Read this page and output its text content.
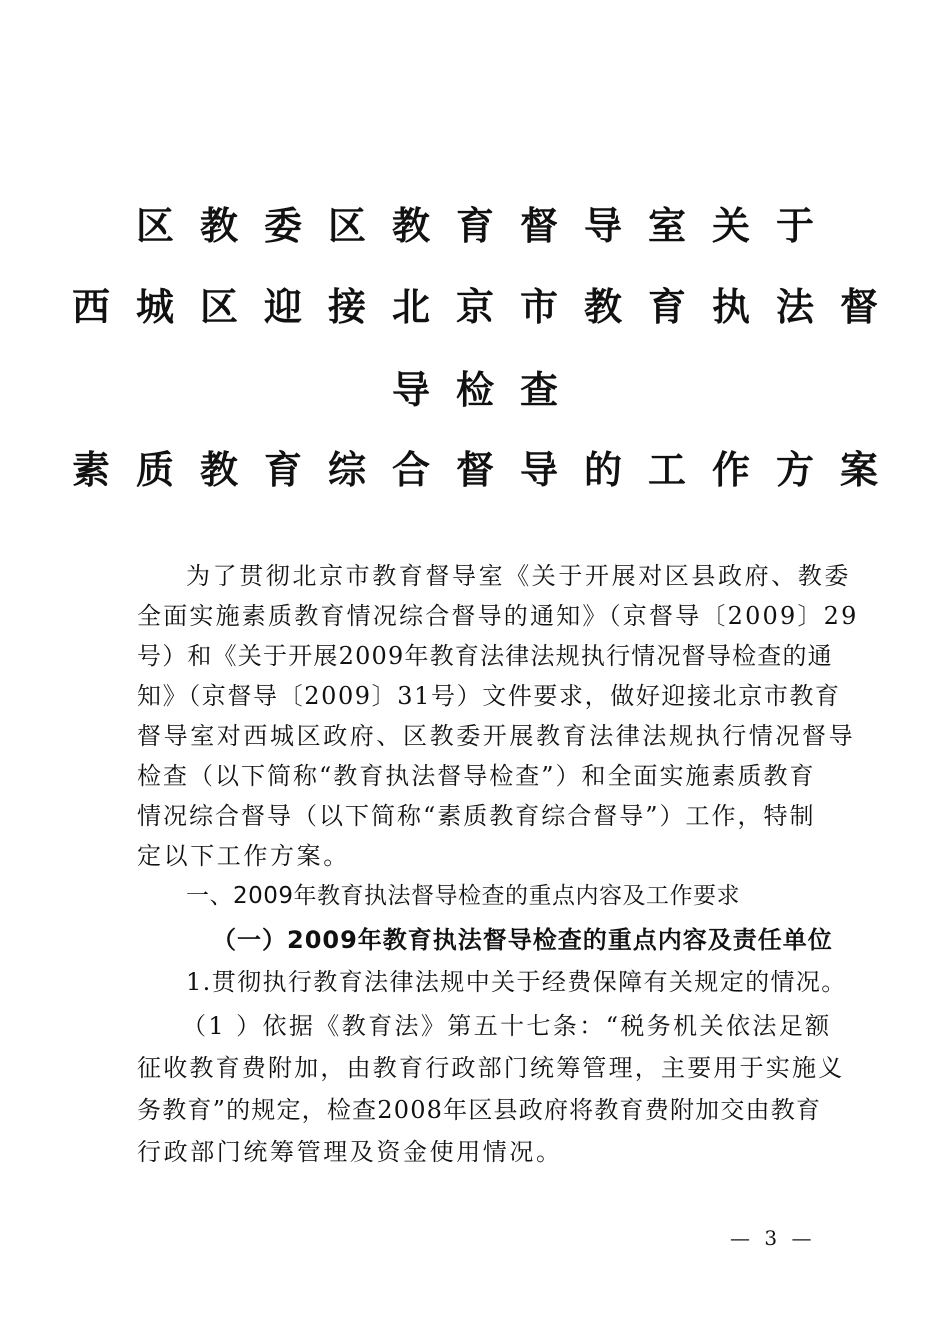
区教委区教育督导室关于
西城区迎接北京市教育执法督
导检查
素质教育综合督导的工作方案
为了贯彻北京市教育督导室《关于开展对区县政府、教委
全面实施素质教育情况综合督导的通知》（京督导〔2009〕29
号）和《关于开展2009年教育法律法规执行情况督导检查的通
知》（京督导〔2009〕31号）文件要求，做好迎接北京市教育
督导室对西城区政府、区教委开展教育法律法规执行情况督导
检查（以下简称“教育执法督导检查”）和全面实施素质教育
情况综合督导（以下简称“素质教育综合督导”）工作，特制
定以下工作方案。
一、2009年教育执法督导检查的重点内容及工作要求
（一）2009年教育执法督导检查的重点内容及责任单位
1.贯彻执行教育法律法规中关于经费保障有关规定的情况。
（1 ）依据《教育法》第五十七条：“税务机关依法足额
征收教育费附加，由教育行政部门统筹管理，主要用于实施义
务教育”的规定，检查2008年区县政府将教育费附加交由教育
行政部门统筹管理及资金使用情况。
— 3 —
